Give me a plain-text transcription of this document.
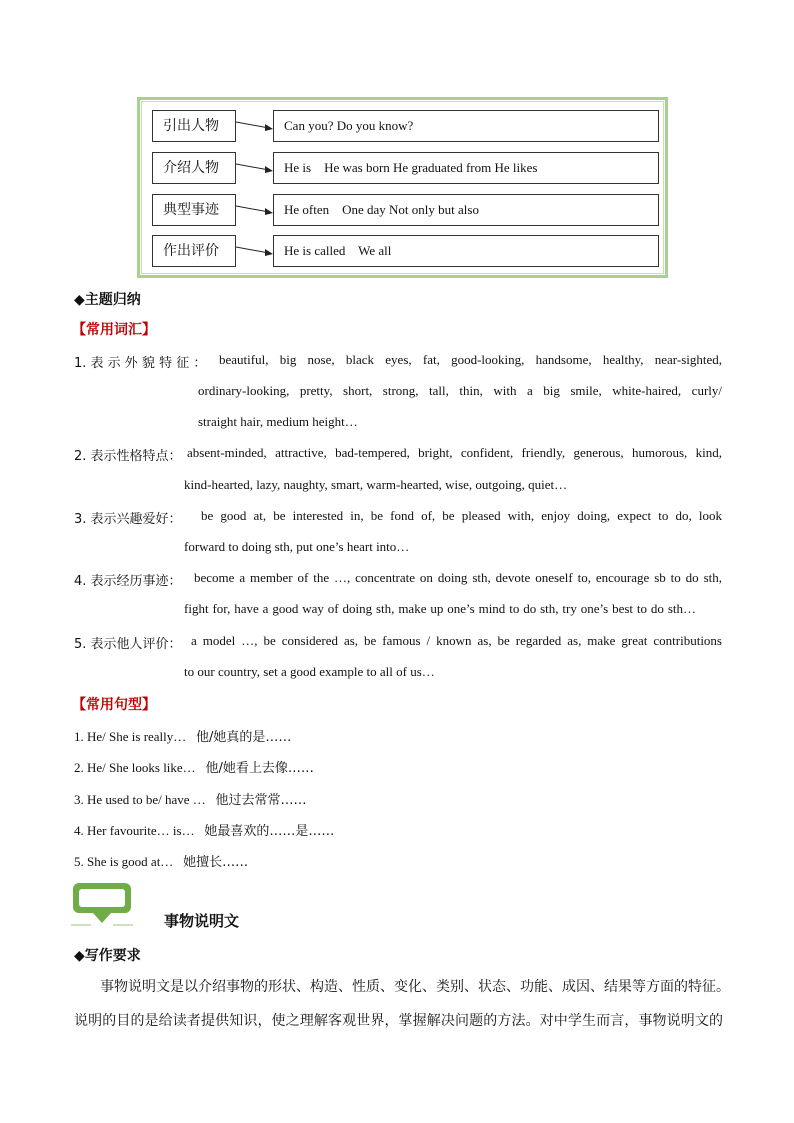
引出人物	Can you? Do you know?
介绍人物	He is    He was born He graduated from He likes
典型事迹	He often    One day Not only but also
作出评价	He is called    We all
◆主题归纳
【常用词汇】
1. 表 示 外 貌 特 征 ： beautiful, big nose, black eyes, fat, good-looking, handsome, healthy, near-sighted,
ordinary-looking, pretty, short, strong, tall, thin, with a big smile, white-haired, curly/
straight hair, medium height…
2. 表示性格特点： absent-minded, attractive, bad-tempered, bright, confident, friendly, generous, humorous, kind,
kind-hearted, lazy, naughty, smart, warm-hearted, wise, outgoing, quiet…
3. 表示兴趣爱好： be good at, be interested in, be fond of, be pleased with, enjoy doing, expect to do, look
forward to doing sth, put one’s heart into…
4. 表示经历事迹： become a member of the …, concentrate on doing sth, devote oneself to, encourage sb to do sth,
fight for, have a good way of doing sth, make up one’s mind to do sth, try one’s best to do sth…
5. 表示他人评价： a model …, be considered as, be famous / known as, be regarded as, make great contributions
to our country, set a good example to all of us…
【常用句型】
1. He/ She is really… 他/她真的是……
2. He/ She looks like… 他/她看上去像……
3. He used to be/ have … 他过去常常……
4. Her favourite… is… 她最喜欢的……是……
5. She is good at… 她擅长……
事物说明文
◆写作要求
事物说明文是以介绍事物的形状、构造、性质、变化、类别、状态、功能、成因、结果等方面的特征。
说明的目的是给读者提供知识，使之理解客观世界，掌握解决问题的方法。对中学生而言，事物说明文的
